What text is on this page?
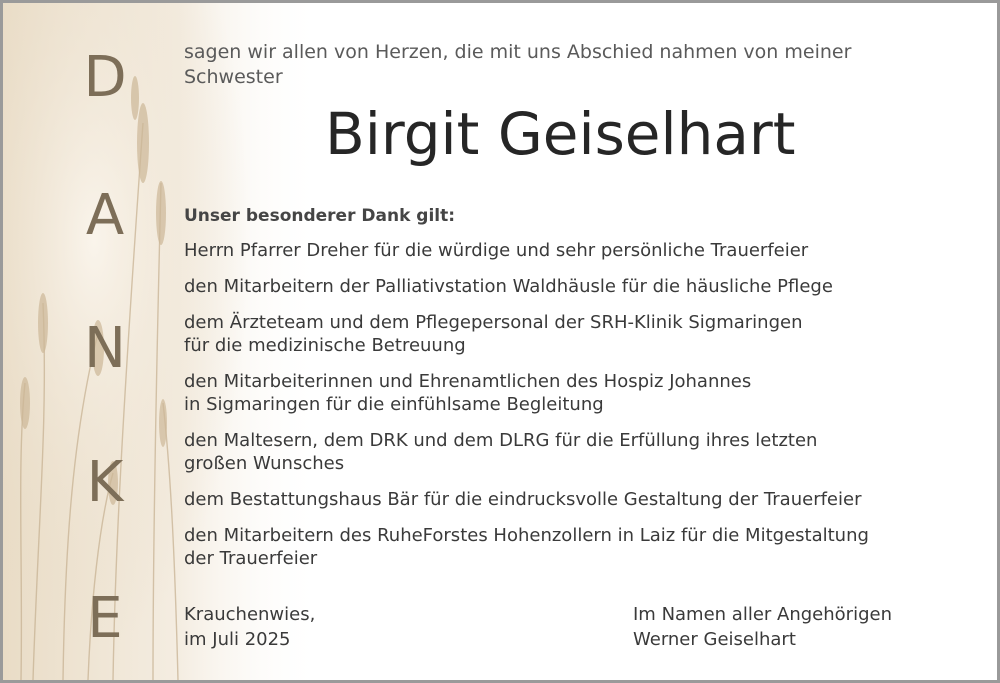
D
A
N
K
E
sagen wir allen von Herzen, die mit uns Abschied nahmen von meiner Schwester
Birgit Geiselhart
Unser besonderer Dank gilt:
Herrn Pfarrer Dreher für die würdige und sehr persönliche Trauerfeier
den Mitarbeitern der Palliativstation Waldhäusle für die häusliche Pflege
dem Ärzteteam und dem Pflegepersonal der SRH-Klinik Sigmaringen
für die medizinische Betreuung
den Mitarbeiterinnen und Ehrenamtlichen des Hospiz Johannes
in Sigmaringen für die einfühlsame Begleitung
den Maltesern, dem DRK und dem DLRG für die Erfüllung ihres letzten
großen Wunsches
dem Bestattungshaus Bär für die eindrucksvolle Gestaltung der Trauerfeier
den Mitarbeitern des RuheForstes Hohenzollern in Laiz für die Mitgestaltung
der Trauerfeier
Krauchenwies,
im Juli 2025
Im Namen aller Angehörigen
Werner Geiselhart
